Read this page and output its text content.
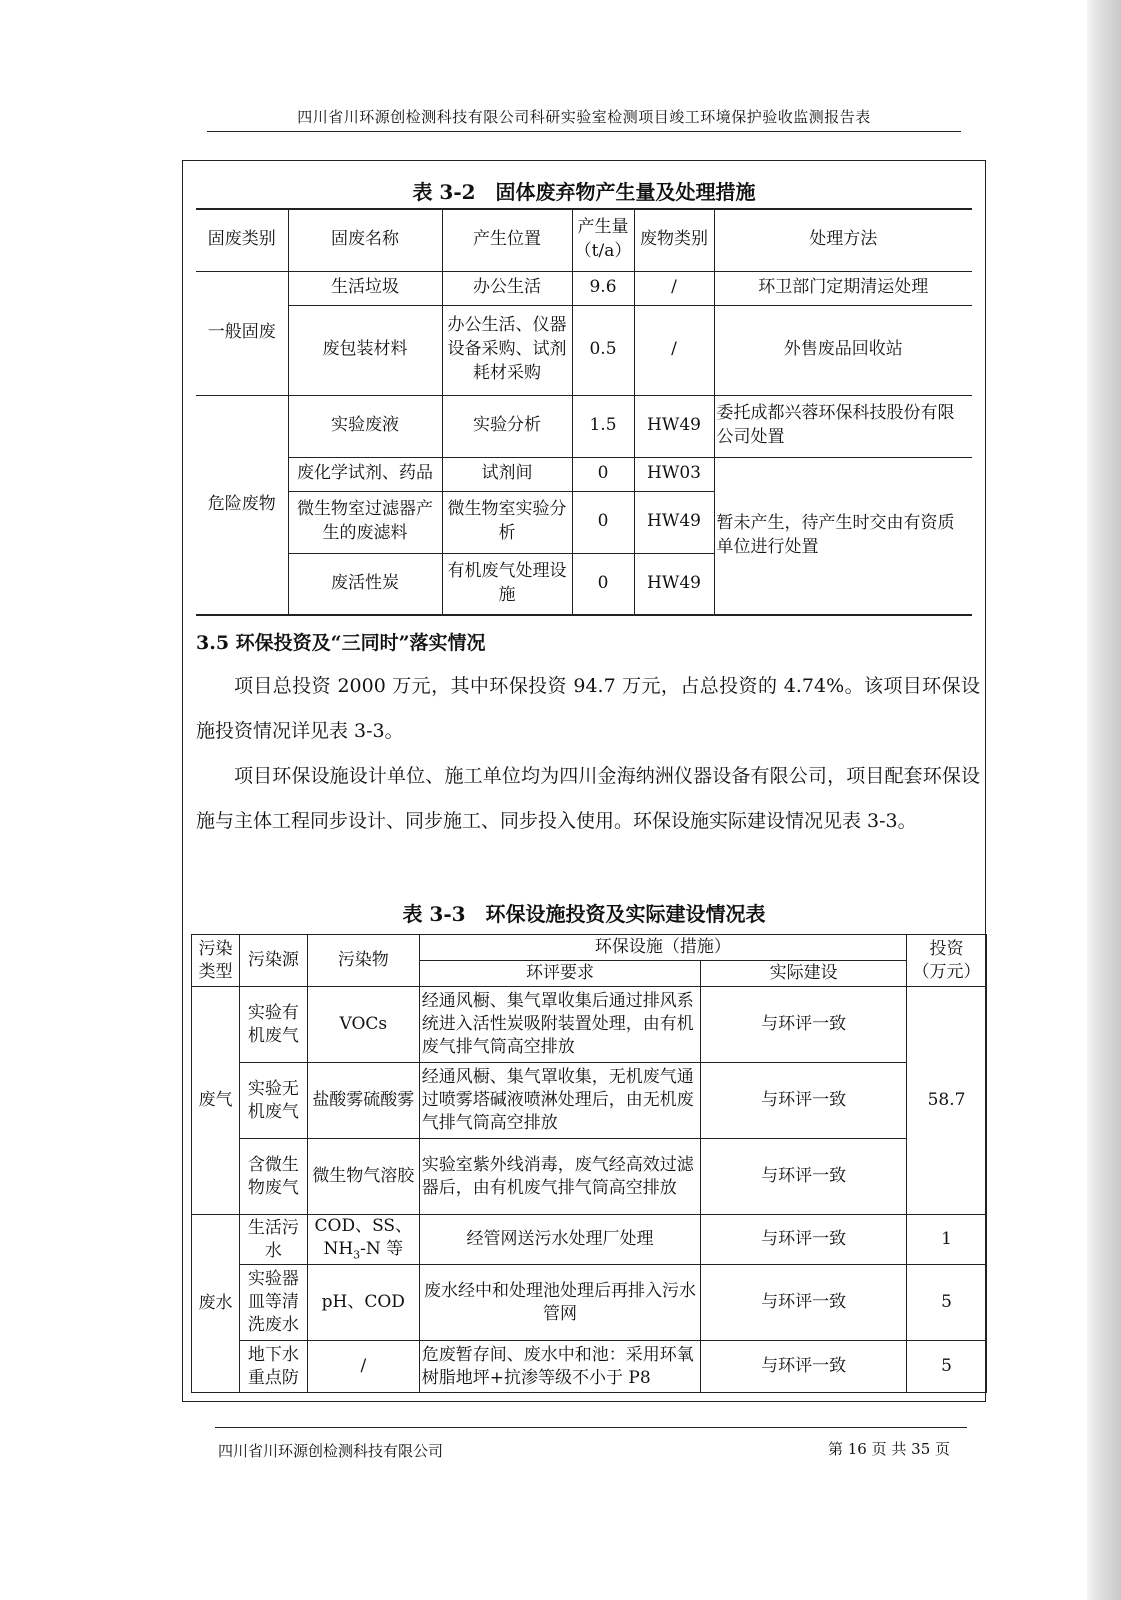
四川省川环源创检测科技有限公司科研实验室检测项目竣工环境保护验收监测报告表
表 3-2　固体废弃物产生量及处理措施
固废类别	固废名称	产生位置	产生量
（t/a）	废物类别	处理方法
一般固废	生活垃圾	办公生活	9.6	/	环卫部门定期清运处理
	废包装材料	办公生活、仪器设备采购、试剂耗材采购	0.5	/	外售废品回收站
危险废物	实验废液	实验分析	1.5	HW49	委托成都兴蓉环保科技股份有限公司处置
	废化学试剂、药品	试剂间	0	HW03	暂未产生，待产生时交由有资质单位进行处置
	微生物室过滤器产生的废滤料	微生物室实验分析	0	HW49	
	废活性炭	有机废气处理设施	0	HW49	
3.5 环保投资及“三同时”落实情况

项目总投资 2000 万元，其中环保投资 94.7 万元，占总投资的 4.74%。该项目环保设施投资情况详见表 3-3。

项目环保设施设计单位、施工单位均为四川金海纳洲仪器设备有限公司，项目配套环保设施与主体工程同步设计、同步施工、同步投入使用。环保设施实际建设情况见表 3-3。

表 3-3　环保设施投资及实际建设情况表
污染类型	污染源	污染物	环保设施（措施）		投资
（万元）
			环评要求	实际建设	
废气	实验有机废气	VOCs	经通风橱、集气罩收集后通过排风系统进入活性炭吸附装置处理，由有机废气排气筒高空排放	与环评一致	58.7
	实验无机废气	盐酸雾硫酸雾	经通风橱、集气罩收集，无机废气通过喷雾塔碱液喷淋处理后，由无机废气排气筒高空排放	与环评一致	
	含微生物废气	微生物气溶胶	实验室紫外线消毒，废气经高效过滤器后，由有机废气排气筒高空排放	与环评一致	
废水	生活污水	COD、SS、
$NH_3-N$ 等	经管网送污水处理厂处理	与环评一致	1
	实验器皿等清洗废水	pH、COD	废水经中和处理池处理后再排入污水管网	与环评一致	5
	地下水重点防	/	危废暂存间、废水中和池：采用环氧树脂地坪+抗渗等级不小于 P8	与环评一致	5
四川省川环源创检测科技有限公司	第 16 页 共 35 页
